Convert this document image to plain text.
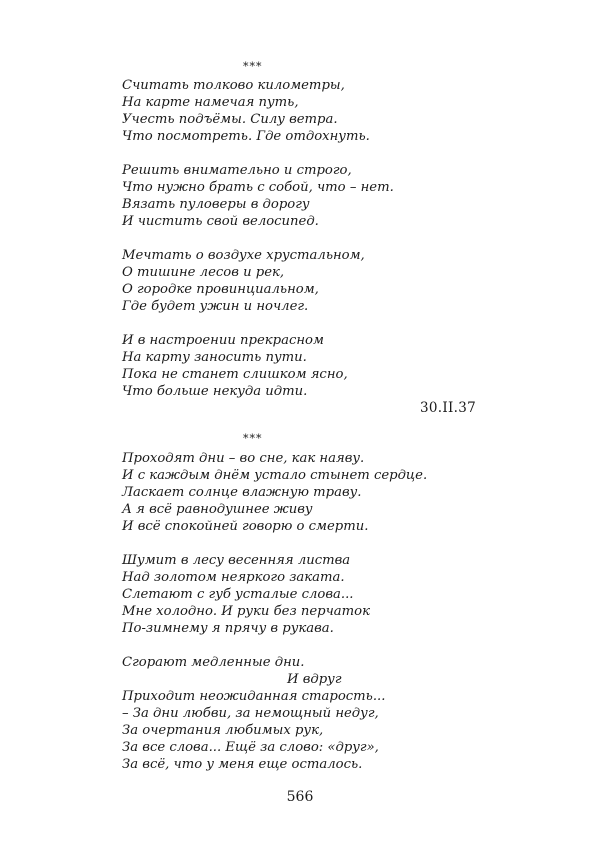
***
Считать толково километры,
На карте намечая путь,
Учесть подъёмы. Силу ветра.
Что посмотреть. Где отдохнуть.
Решить внимательно и строго,
Что нужно брать с собой, что – нет.
Вязать пуловеры в дорогу
И чистить свой велосипед.
Мечтать о воздухе хрустальном,
О тишине лесов и рек,
О городке провинциальном,
Где будет ужин и ночлег.
И в настроении прекрасном
На карту заносить пути.
Пока не станет слишком ясно,
Что больше некуда идти.
30.II.37
***
Проходят дни – во сне, как наяву.
И с каждым днём устало стынет сердце.
Ласкает солнце влажную траву.
А я всё равнодушнее живу
И всё спокойней говорю о смерти.
Шумит в лесу весенняя листва
Над золотом неяркого заката.
Слетают с губ усталые слова...
Мне холодно. И руки без перчаток
По-зимнему я прячу в рукава.
Сгорают медленные дни.
И вдруг
Приходит неожиданная старость...
– За дни любви, за немощный недуг,
За очертания любимых рук,
За все слова... Ещё за слово: «друг»,
За всё, что у меня еще осталось.
566
